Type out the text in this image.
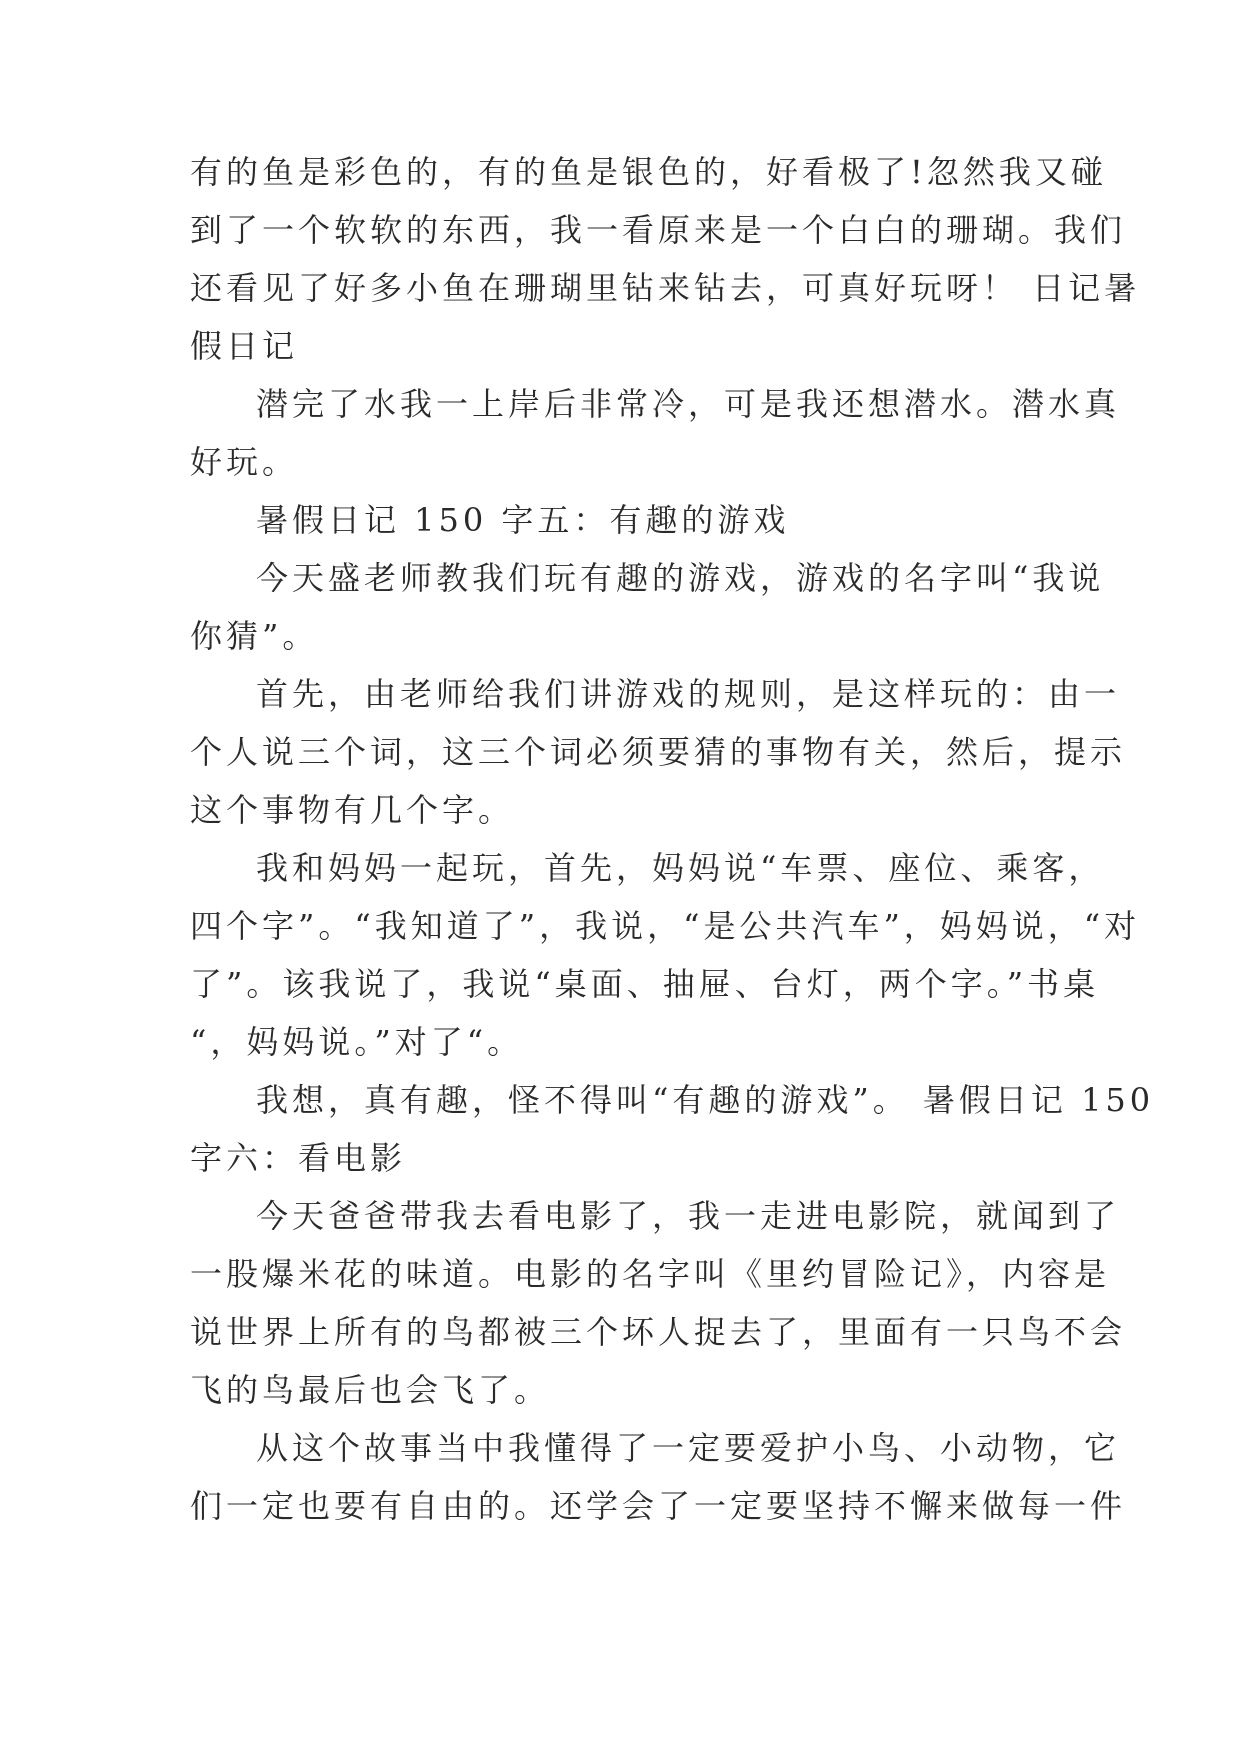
有的鱼是彩色的，有的鱼是银色的，好看极了!忽然我又碰
到了一个软软的东西，我一看原来是一个白白的珊瑚。我们
还看见了好多小鱼在珊瑚里钻来钻去，可真好玩呀！ 日记暑
假日记
潜完了水我一上岸后非常冷，可是我还想潜水。潜水真
好玩。
暑假日记 150 字五：有趣的游戏
今天盛老师教我们玩有趣的游戏，游戏的名字叫“我说
你猜”。
首先，由老师给我们讲游戏的规则，是这样玩的：由一
个人说三个词，这三个词必须要猜的事物有关，然后，提示
这个事物有几个字。
我和妈妈一起玩，首先，妈妈说“车票、座位、乘客，
四个字”。“我知道了”，我说，“是公共汽车”，妈妈说，“对
了”。该我说了，我说“桌面、抽屉、台灯，两个字。”书桌
“，妈妈说。”对了“。
我想，真有趣，怪不得叫“有趣的游戏”。 暑假日记 150
字六：看电影
今天爸爸带我去看电影了，我一走进电影院，就闻到了
一股爆米花的味道。电影的名字叫《里约冒险记》，内容是
说世界上所有的鸟都被三个坏人捉去了，里面有一只鸟不会
飞的鸟最后也会飞了。
从这个故事当中我懂得了一定要爱护小鸟、小动物，它
们一定也要有自由的。还学会了一定要坚持不懈来做每一件
